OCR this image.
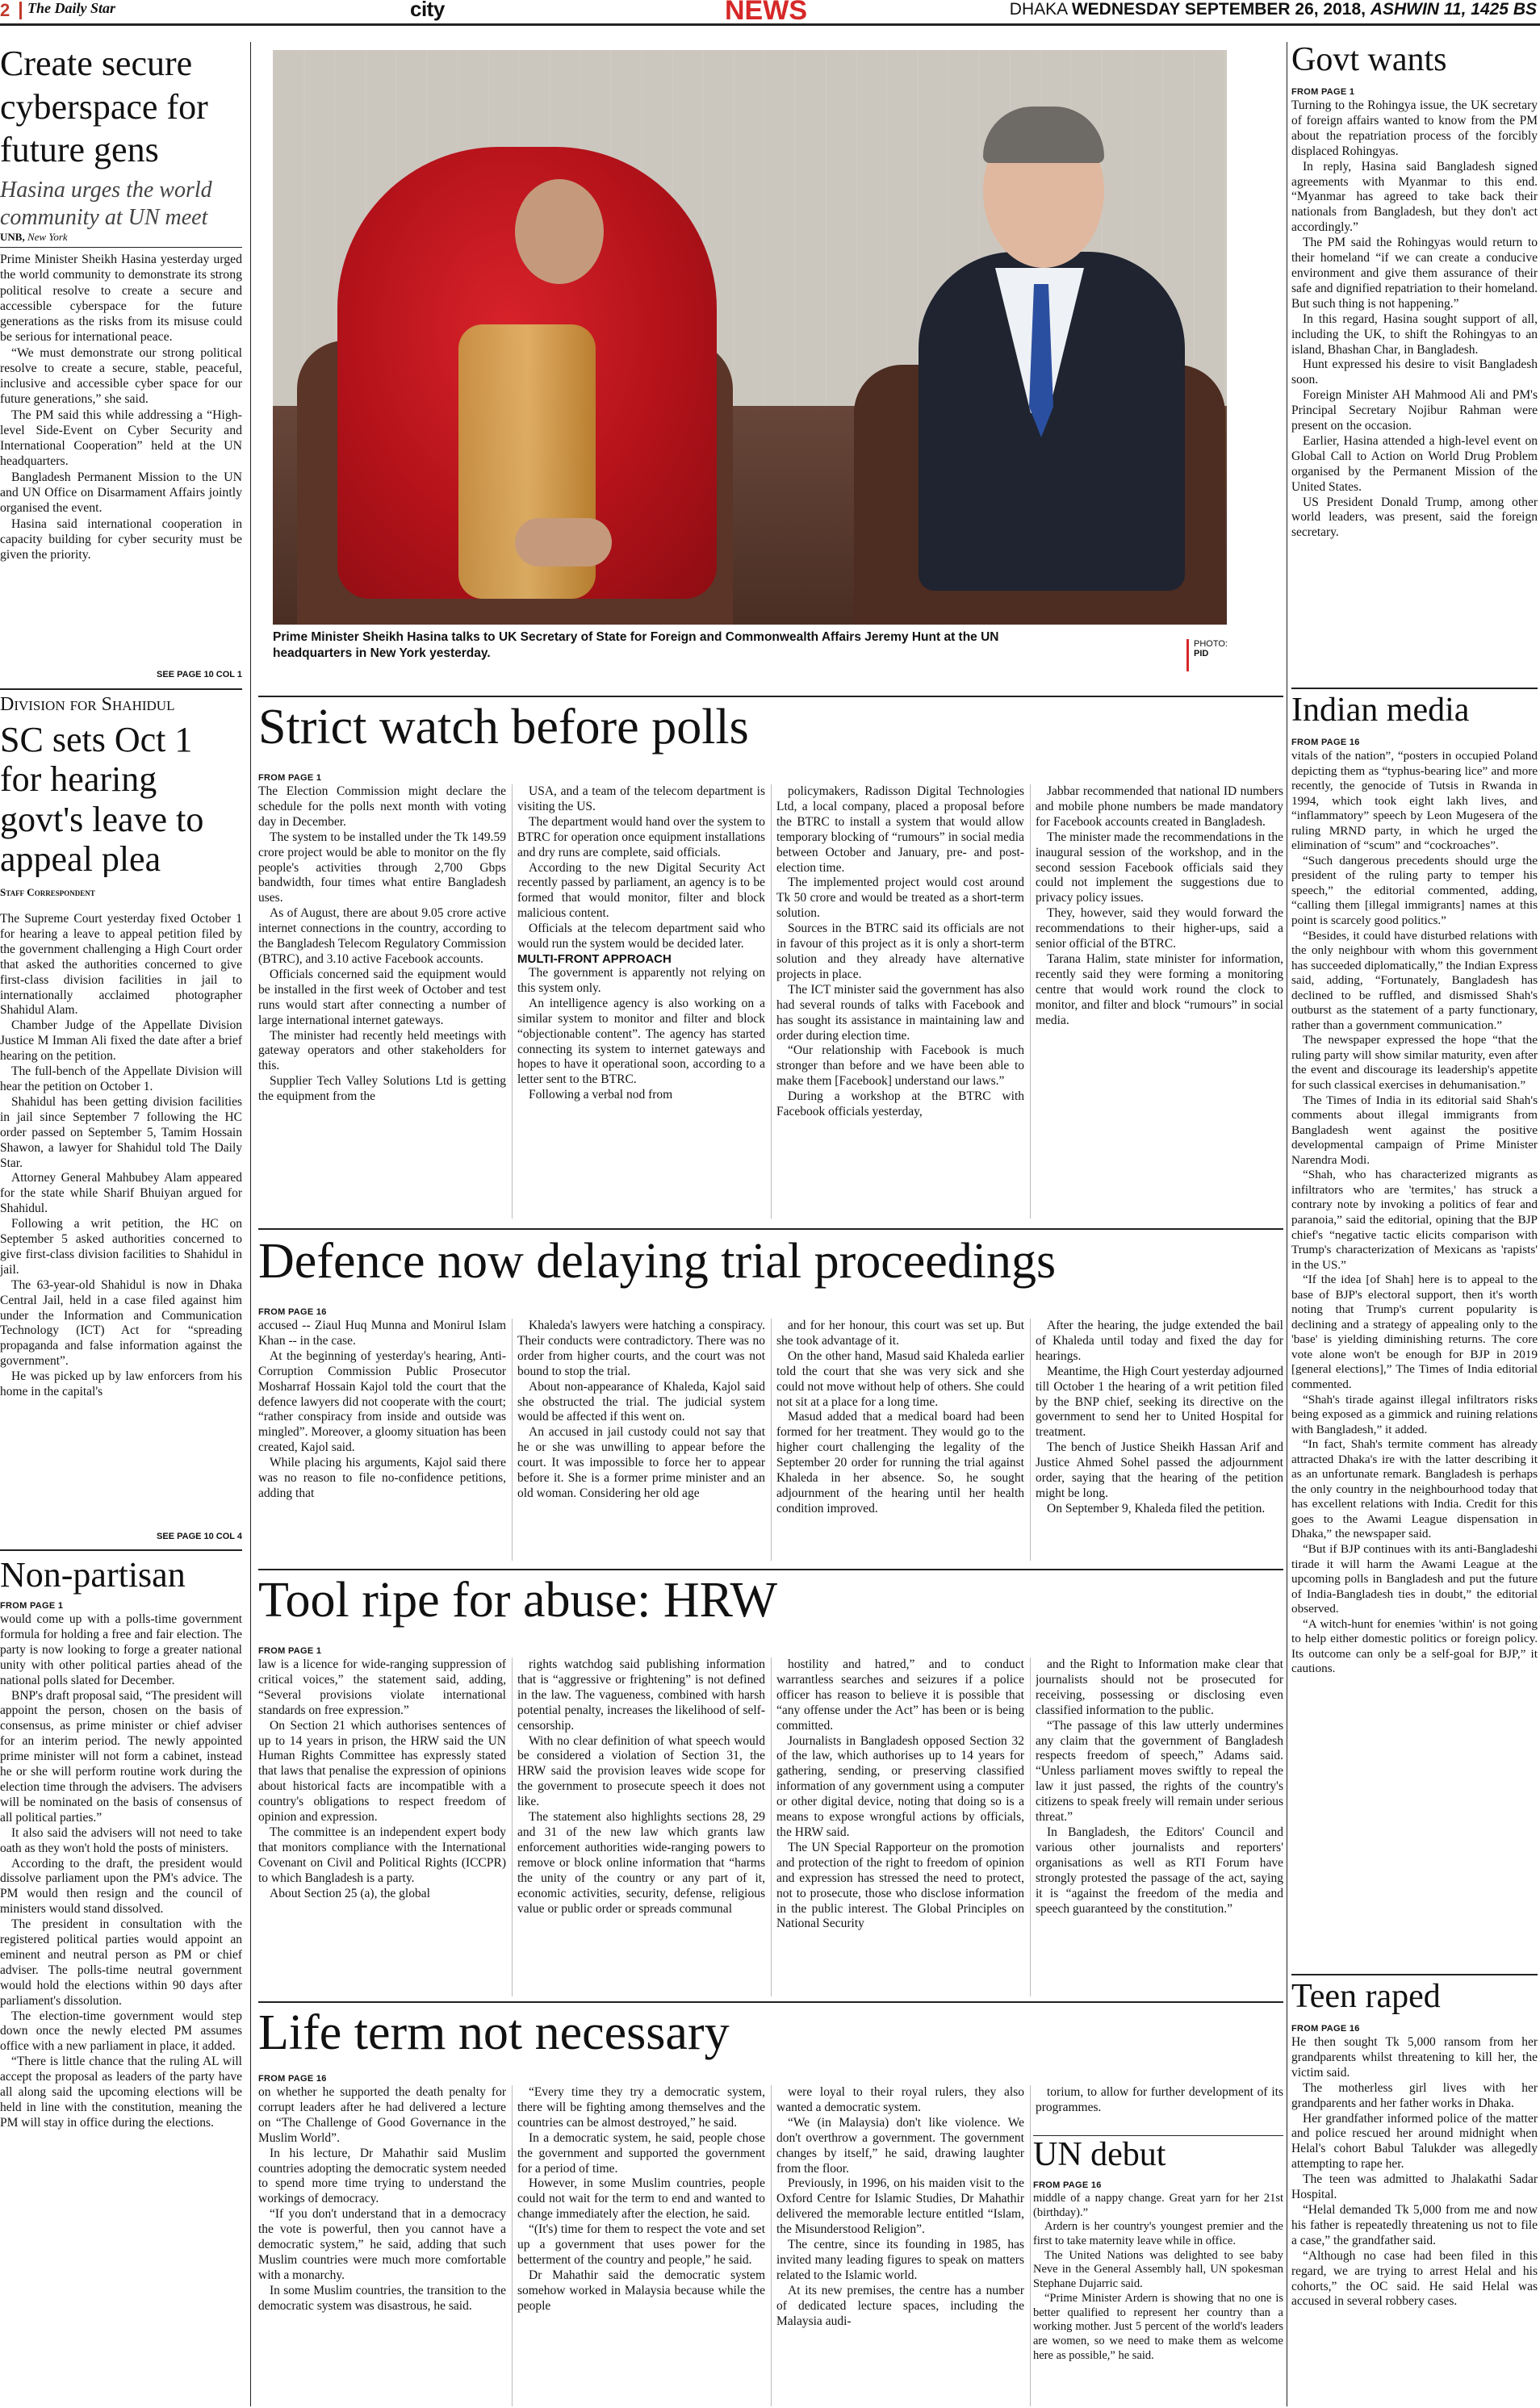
2	The Daily Star	city	NEWS	DHAKA WEDNESDAY SEPTEMBER 26, 2018, ASHWIN 11, 1425 BS
Create secure cyberspace for future gens
Hasina urges the world community at UN meet
UNB, New York

Prime Minister Sheikh Hasina yesterday urged the world community to demonstrate its strong political resolve to create a secure and accessible cyberspace for the future generations as the risks from its misuse could be serious for international peace.

“We must demonstrate our strong political resolve to create a secure, stable, peaceful, inclusive and accessible cyber space for our future generations,” she said.

The PM said this while addressing a “High-level Side-Event on Cyber Security and International Cooperation” held at the UN headquarters.

Bangladesh Permanent Mission to the UN and UN Office on Disarmament Affairs jointly organised the event.

Hasina said international cooperation in capacity building for cyber security must be given the priority.

SEE PAGE 10 COL 1
Division for Shahidul
SC sets Oct 1 for hearing govt's leave to appeal plea
Staff Correspondent

The Supreme Court yesterday fixed October 1 for hearing a leave to appeal petition filed by the government challenging a High Court order that asked the authorities concerned to give first-class division facilities in jail to internationally acclaimed photographer Shahidul Alam.

Chamber Judge of the Appellate Division Justice M Imman Ali fixed the date after a brief hearing on the petition.

The full-bench of the Appellate Division will hear the petition on October 1.

Shahidul has been getting division facilities in jail since September 7 following the HC order passed on September 5, Tamim Hossain Shawon, a lawyer for Shahidul told The Daily Star.

Attorney General Mahbubey Alam appeared for the state while Sharif Bhuiyan argued for Shahidul.

Following a writ petition, the HC on September 5 asked authorities concerned to give first-class division facilities to Shahidul in jail.

The 63-year-old Shahidul is now in Dhaka Central Jail, held in a case filed against him under the Information and Communication Technology (ICT) Act for “spreading propaganda and false information against the government”.

He was picked up by law enforcers from his home in the capital's

SEE PAGE 10 COL 4
Non-partisan
FROM PAGE 1

would come up with a polls-time government formula for holding a free and fair election. The party is now looking to forge a greater national unity with other political parties ahead of the national polls slated for December.

BNP's draft proposal said, “The president will appoint the person, chosen on the basis of consensus, as prime minister or chief adviser for an interim period. The newly appointed prime minister will not form a cabinet, instead he or she will perform routine work during the election time through the advisers. The advisers will be nominated on the basis of consensus of all political parties.”

It also said the advisers will not need to take oath as they won't hold the posts of ministers.

According to the draft, the president would dissolve parliament upon the PM's advice. The PM would then resign and the council of ministers would stand dissolved.

The president in consultation with the registered political parties would appoint an eminent and neutral person as PM or chief adviser. The polls-time neutral government would hold the elections within 90 days after parliament's dissolution.

The election-time government would step down once the newly elected PM assumes office with a new parliament in place, it added.

“There is little chance that the ruling AL will accept the proposal as leaders of the party have all along said the upcoming elections will be held in line with the constitution, meaning the PM will stay in office during the elections.

Prime Minister Sheikh Hasina talks to UK Secretary of State for Foreign and Commonwealth Affairs Jeremy Hunt at the UN headquarters in New York yesterday.
PHOTO:
PID
Strict watch before polls
FROM PAGE 1

The Election Commission might declare the schedule for the polls next month with voting day in December.

The system to be installed under the Tk 149.59 crore project would be able to monitor on the fly people's activities through 2,700 Gbps bandwidth, four times what entire Bangladesh uses.

As of August, there are about 9.05 crore active internet connections in the country, according to the Bangladesh Telecom Regulatory Commission (BTRC), and 3.10 active Facebook accounts.

Officials concerned said the equipment would be installed in the first week of October and test runs would start after connecting a number of large international internet gateways.

The minister had recently held meetings with gateway operators and other stakeholders for this.

Supplier Tech Valley Solutions Ltd is getting the equipment from the

USA, and a team of the telecom department is visiting the US.

The department would hand over the system to BTRC for operation once equipment installations and dry runs are complete, said officials.

According to the new Digital Security Act recently passed by parliament, an agency is to be formed that would monitor, filter and block malicious content.

Officials at the telecom department said who would run the system would be decided later.

MULTI-FRONT APPROACH

The government is apparently not relying on this system only.

An intelligence agency is also working on a similar system to monitor and filter and block “objectionable content”. The agency has started connecting its system to internet gateways and hopes to have it operational soon, according to a letter sent to the BTRC.

Following a verbal nod from

policymakers, Radisson Digital Technologies Ltd, a local company, placed a proposal before the BTRC to install a system that would allow temporary blocking of “rumours” in social media between October and January, pre- and post-election time.

The implemented project would cost around Tk 50 crore and would be treated as a short-term solution.

Sources in the BTRC said its officials are not in favour of this project as it is only a short-term solution and they already have alternative projects in place.

The ICT minister said the government has also had several rounds of talks with Facebook and has sought its assistance in maintaining law and order during election time.

“Our relationship with Facebook is much stronger than before and we have been able to make them [Facebook] understand our laws.”

During a workshop at the BTRC with Facebook officials yesterday,

Jabbar recommended that national ID numbers and mobile phone numbers be made mandatory for Facebook accounts created in Bangladesh.

The minister made the recommendations in the inaugural session of the workshop, and in the second session Facebook officials said they could not implement the suggestions due to privacy policy issues.

They, however, said they would forward the recommendations to their higher-ups, said a senior official of the BTRC.

Tarana Halim, state minister for information, recently said they were forming a monitoring centre that would work round the clock to monitor, and filter and block “rumours” in social media.

Defence now delaying trial proceedings
FROM PAGE 16

accused -- Ziaul Huq Munna and Monirul Islam Khan -- in the case.

At the beginning of yesterday's hearing, Anti-Corruption Commission Public Prosecutor Mosharraf Hossain Kajol told the court that the defence lawyers did not cooperate with the court; “rather conspiracy from inside and outside was mingled”. Moreover, a gloomy situation has been created, Kajol said.

While placing his arguments, Kajol said there was no reason to file no-confidence petitions, adding that

Khaleda's lawyers were hatching a conspiracy. Their conducts were contradictory. There was no order from higher courts, and the court was not bound to stop the trial.

About non-appearance of Khaleda, Kajol said she obstructed the trial. The judicial system would be affected if this went on.

An accused in jail custody could not say that he or she was unwilling to appear before the court. It was impossible to force her to appear before it. She is a former prime minister and an old woman. Considering her old age

and for her honour, this court was set up. But she took advantage of it.

On the other hand, Masud said Khaleda earlier told the court that she was very sick and she could not move without help of others. She could not sit at a place for a long time.

Masud added that a medical board had been formed for her treatment. They would go to the higher court challenging the legality of the September 20 order for running the trial against Khaleda in her absence. So, he sought adjournment of the hearing until her health condition improved.

After the hearing, the judge extended the bail of Khaleda until today and fixed the day for hearings.

Meantime, the High Court yesterday adjourned till October 1 the hearing of a writ petition filed by the BNP chief, seeking its directive on the government to send her to United Hospital for treatment.

The bench of Justice Sheikh Hassan Arif and Justice Ahmed Sohel passed the adjournment order, saying that the hearing of the petition might be long.

On September 9, Khaleda filed the petition.

Tool ripe for abuse: HRW
FROM PAGE 1

law is a licence for wide-ranging suppression of critical voices,” the statement said, adding, “Several provisions violate international standards on free expression.”

On Section 21 which authorises sentences of up to 14 years in prison, the HRW said the UN Human Rights Committee has expressly stated that laws that penalise the expression of opinions about historical facts are incompatible with a country's obligations to respect freedom of opinion and expression.

The committee is an independent expert body that monitors compliance with the International Covenant on Civil and Political Rights (ICCPR) to which Bangladesh is a party.

About Section 25 (a), the global

rights watchdog said publishing information that is “aggressive or frightening” is not defined in the law. The vagueness, combined with harsh potential penalty, increases the likelihood of self-censorship.

With no clear definition of what speech would be considered a violation of Section 31, the HRW said the provision leaves wide scope for the government to prosecute speech it does not like.

The statement also highlights sections 28, 29 and 31 of the new law which grants law enforcement authorities wide-ranging powers to remove or block online information that “harms the unity of the country or any part of it, economic activities, security, defense, religious value or public order or spreads communal

hostility and hatred,” and to conduct warrantless searches and seizures if a police officer has reason to believe it is possible that “any offense under the Act” has been or is being committed.

Journalists in Bangladesh opposed Section 32 of the law, which authorises up to 14 years for gathering, sending, or preserving classified information of any government using a computer or other digital device, noting that doing so is a means to expose wrongful actions by officials, the HRW said.

The UN Special Rapporteur on the promotion and protection of the right to freedom of opinion and expression has stressed the need to protect, not to prosecute, those who disclose information in the public interest. The Global Principles on National Security

and the Right to Information make clear that journalists should not be prosecuted for receiving, possessing or disclosing even classified information to the public.

“The passage of this law utterly undermines any claim that the government of Bangladesh respects freedom of speech,” Adams said. “Unless parliament moves swiftly to repeal the law it just passed, the rights of the country's citizens to speak freely will remain under serious threat.”

In Bangladesh, the Editors' Council and various other journalists and reporters' organisations as well as RTI Forum have strongly protested the passage of the act, saying it is “against the freedom of the media and speech guaranteed by the constitution.”

Life term not necessary
FROM PAGE 16

on whether he supported the death penalty for corrupt leaders after he had delivered a lecture on “The Challenge of Good Governance in the Muslim World”.

In his lecture, Dr Mahathir said Muslim countries adopting the democratic system needed to spend more time trying to understand the workings of democracy.

“If you don't understand that in a democracy the vote is powerful, then you cannot have a democratic system,” he said, adding that such Muslim countries were much more comfortable with a monarchy.

In some Muslim countries, the transition to the democratic system was disastrous, he said.

“Every time they try a democratic system, there will be fighting among themselves and the countries can be almost destroyed,” he said.

In a democratic system, he said, people chose the government and supported the government for a period of time.

However, in some Muslim countries, people could not wait for the term to end and wanted to change immediately after the election, he said.

“(It's) time for them to respect the vote and set up a government that uses power for the betterment of the country and people,” he said.

Dr Mahathir said the democratic system somehow worked in Malaysia because while the people

were loyal to their royal rulers, they also wanted a democratic system.

“We (in Malaysia) don't like violence. We don't overthrow a government. The government changes by itself,” he said, drawing laughter from the floor.

Previously, in 1996, on his maiden visit to the Oxford Centre for Islamic Studies, Dr Mahathir delivered the memorable lecture entitled “Islam, the Misunderstood Religion”.

The centre, since its founding in 1985, has invited many leading figures to speak on matters related to the Islamic world.

At its new premises, the centre has a number of dedicated lecture spaces, including the Malaysia audi-

torium, to allow for further development of its programmes.

UN debut
FROM PAGE 16

middle of a nappy change. Great yarn for her 21st (birthday).”

Ardern is her country's youngest premier and the first to take maternity leave while in office.

The United Nations was delighted to see baby Neve in the General Assembly hall, UN spokesman Stephane Dujarric said.

“Prime Minister Ardern is showing that no one is better qualified to represent her country than a working mother. Just 5 percent of the world's leaders are women, so we need to make them as welcome here as possible,” he said.

Govt wants
FROM PAGE 1

Turning to the Rohingya issue, the UK secretary of foreign affairs wanted to know from the PM about the repatriation process of the forcibly displaced Rohingyas.

In reply, Hasina said Bangladesh signed agreements with Myanmar to this end. “Myanmar has agreed to take back their nationals from Bangladesh, but they don't act accordingly.”

The PM said the Rohingyas would return to their homeland “if we can create a conducive environment and give them assurance of their safe and dignified repatriation to their homeland. But such thing is not happening.”

In this regard, Hasina sought support of all, including the UK, to shift the Rohingyas to an island, Bhashan Char, in Bangladesh.

Hunt expressed his desire to visit Bangladesh soon.

Foreign Minister AH Mahmood Ali and PM's Principal Secretary Nojibur Rahman were present on the occasion.

Earlier, Hasina attended a high-level event on Global Call to Action on World Drug Problem organised by the Permanent Mission of the United States.

US President Donald Trump, among other world leaders, was present, said the foreign secretary.

Indian media
FROM PAGE 16

vitals of the nation”, “posters in occupied Poland depicting them as “typhus-bearing lice” and more recently, the genocide of Tutsis in Rwanda in 1994, which took eight lakh lives, and “inflammatory” speech by Leon Mugesera of the ruling MRND party, in which he urged the elimination of “scum” and “cockroaches”.

“Such dangerous precedents should urge the president of the ruling party to temper his speech,” the editorial commented, adding, “calling them [illegal immigrants] names at this point is scarcely good politics.”

“Besides, it could have disturbed relations with the only neighbour with whom this government has succeeded diplomatically,” the Indian Express said, adding, “Fortunately, Bangladesh has declined to be ruffled, and dismissed Shah's outburst as the statement of a party functionary, rather than a government communication.”

The newspaper expressed the hope “that the ruling party will show similar maturity, even after the event and discourage its leadership's appetite for such classical exercises in dehumanisation.”

The Times of India in its editorial said Shah's comments about illegal immigrants from Bangladesh went against the positive developmental campaign of Prime Minister Narendra Modi.

“Shah, who has characterized migrants as infiltrators who are 'termites,' has struck a contrary note by invoking a politics of fear and paranoia,” said the editorial, opining that the BJP chief's “negative tactic elicits comparison with Trump's characterization of Mexicans as 'rapists' in the US.”

“If the idea [of Shah] here is to appeal to the base of BJP's electoral support, then it's worth noting that Trump's current popularity is declining and a strategy of appealing only to the 'base' is yielding diminishing returns. The core vote alone won't be enough for BJP in 2019 [general elections],” The Times of India editorial commented.

“Shah's tirade against illegal infiltrators risks being exposed as a gimmick and ruining relations with Bangladesh,” it added.

“In fact, Shah's termite comment has already attracted Dhaka's ire with the latter describing it as an unfortunate remark. Bangladesh is perhaps the only country in the neighbourhood today that has excellent relations with India. Credit for this goes to the Awami League dispensation in Dhaka,” the newspaper said.

“But if BJP continues with its anti-Bangladeshi tirade it will harm the Awami League at the upcoming polls in Bangladesh and put the future of India-Bangladesh ties in doubt,” the editorial observed.

“A witch-hunt for enemies 'within' is not going to help either domestic politics or foreign policy. Its outcome can only be a self-goal for BJP,” it cautions.

Teen raped
FROM PAGE 16

He then sought Tk 5,000 ransom from her grandparents whilst threatening to kill her, the victim said.

The motherless girl lives with her grandparents and her father works in Dhaka.

Her grandfather informed police of the matter and police rescued her around midnight when Helal's cohort Babul Talukder was allegedly attempting to rape her.

The teen was admitted to Jhalakathi Sadar Hospital.

“Helal demanded Tk 5,000 from me and now his father is repeatedly threatening us not to file a case,” the grandfather said.

“Although no case had been filed in this regard, we are trying to arrest Helal and his cohorts,” the OC said. He said Helal was accused in several robbery cases.
